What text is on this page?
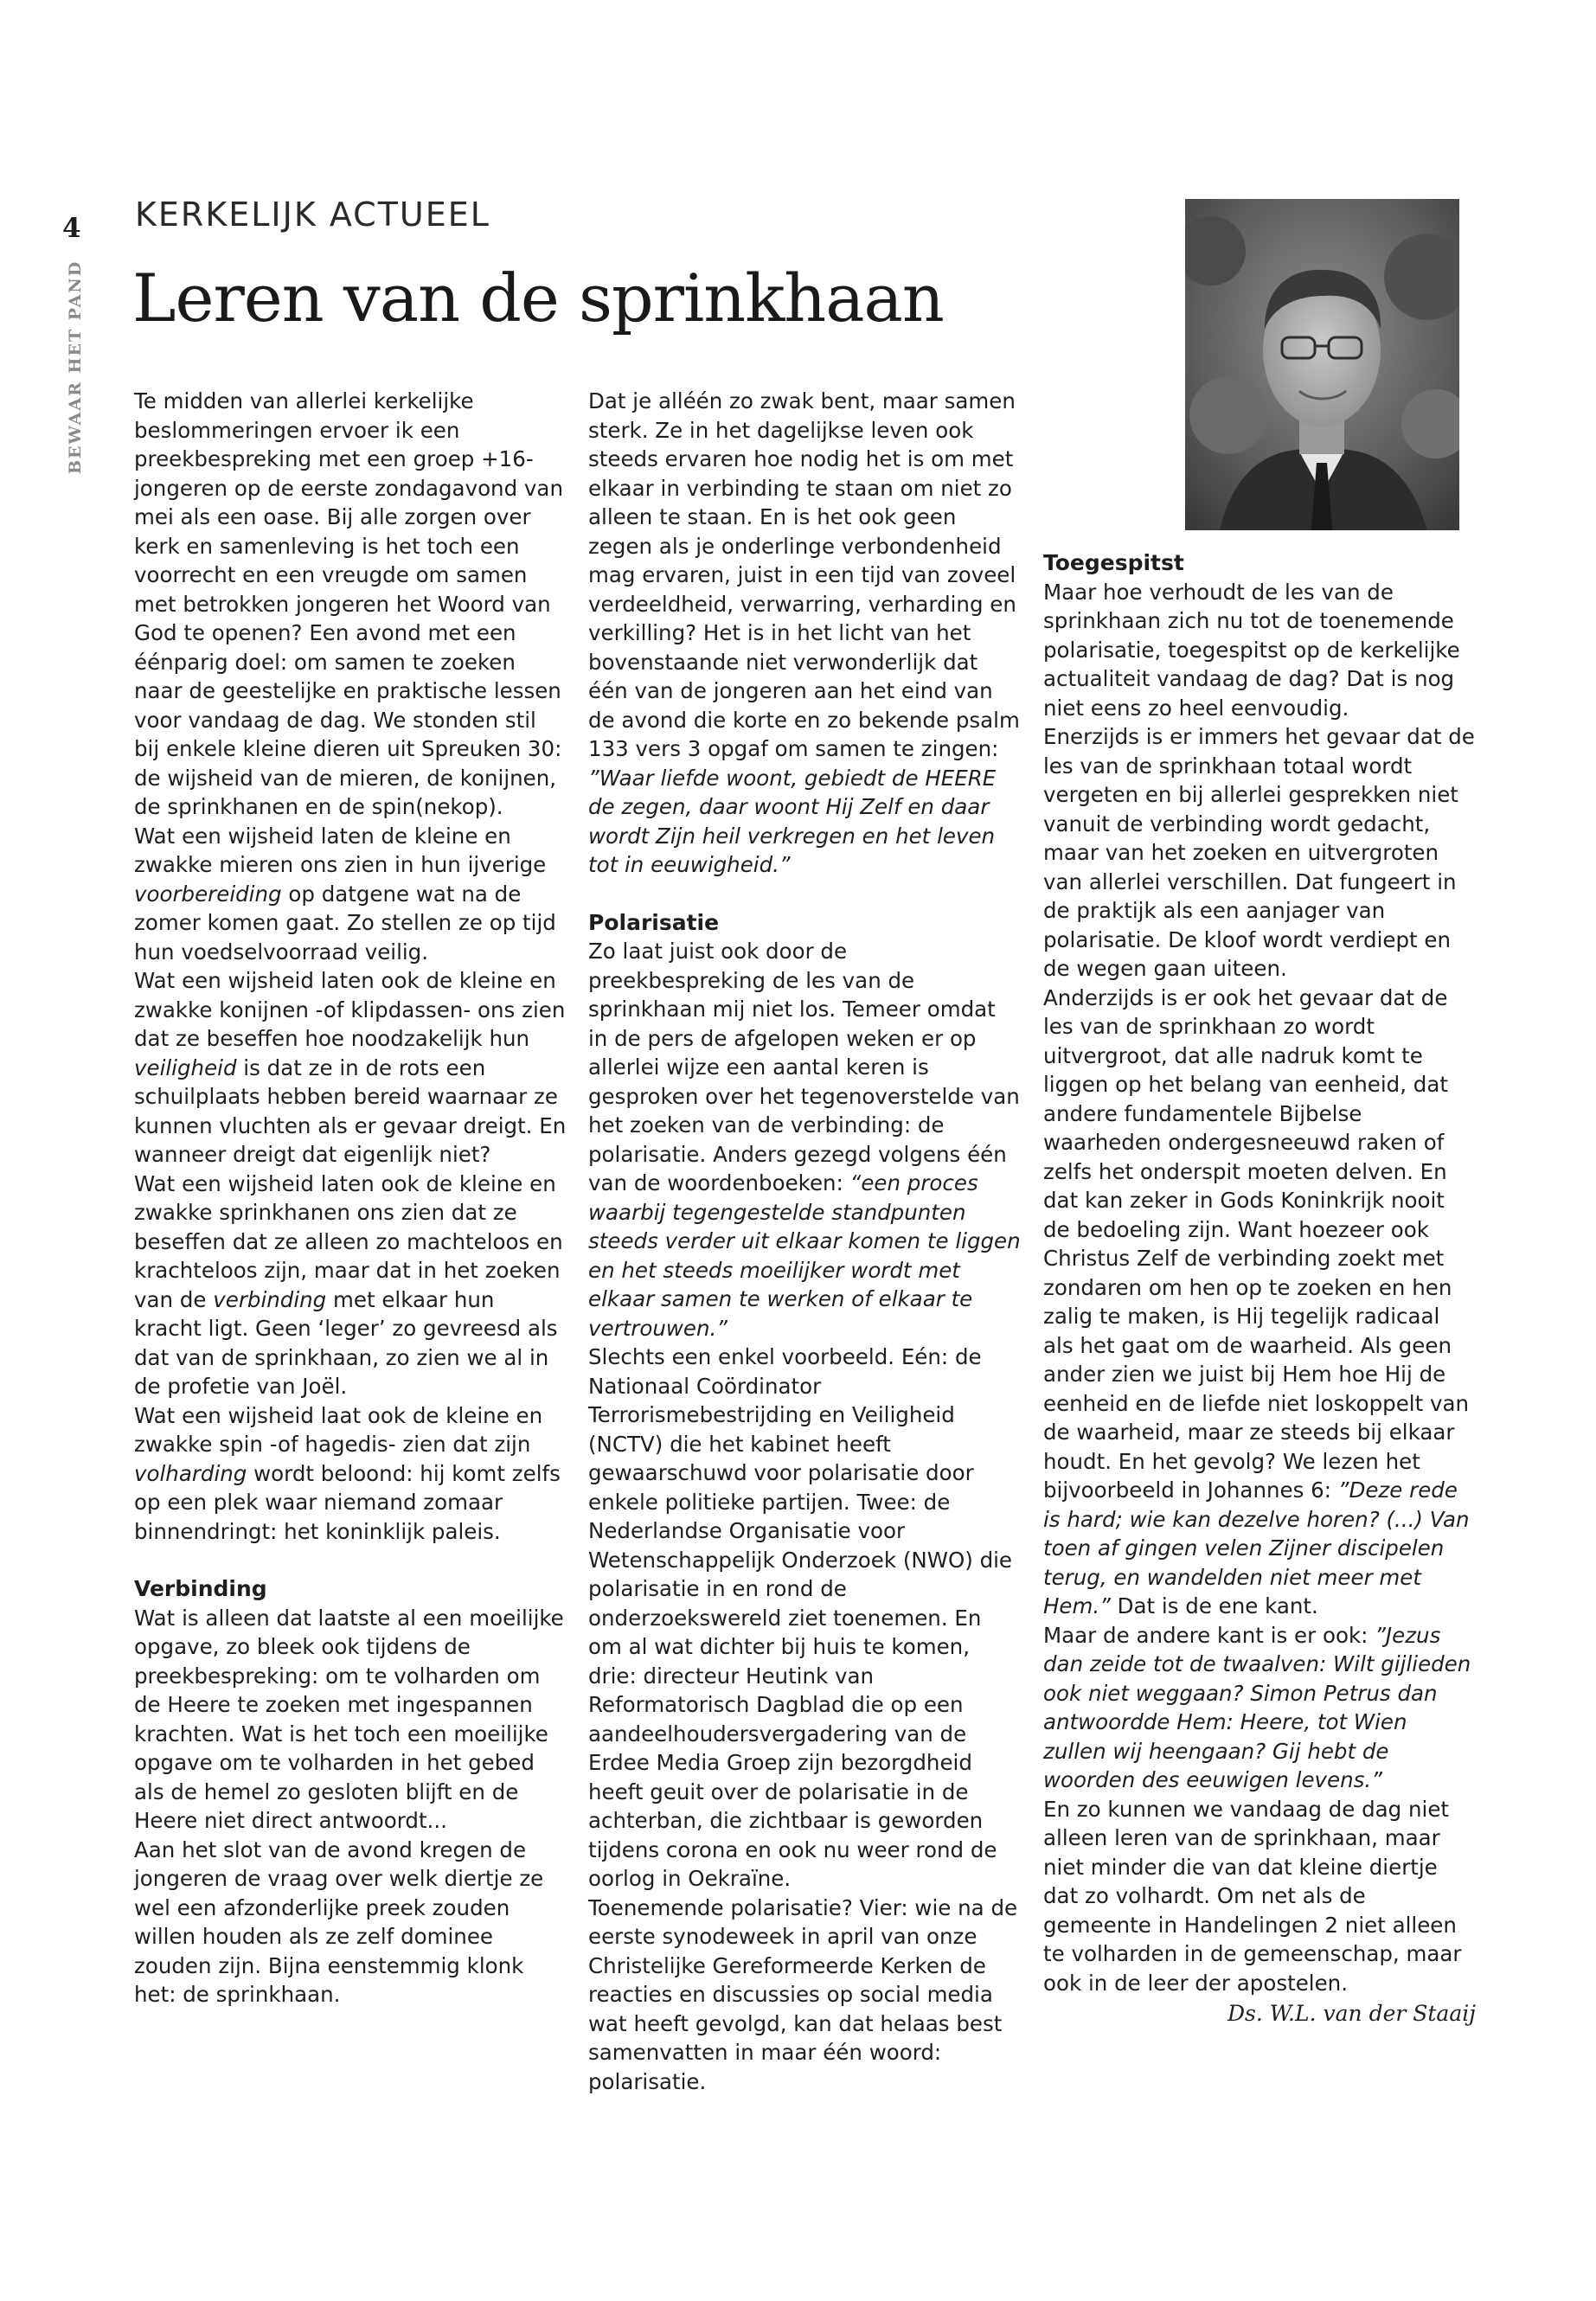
4
BEWAAR HET PAND
KERKELIJK ACTUEEL
Leren van de sprinkhaan

Te midden van allerlei kerkelijke beslommeringen ervoer ik een preekbespreking met een groep +16-jongeren op de eerste zondagavond van mei als een oase. Bij alle zorgen over kerk en samenleving is het toch een voorrecht en een vreugde om samen met betrokken jongeren het Woord van God te openen? Een avond met een éénparig doel: om samen te zoeken naar de geestelijke en praktische lessen voor vandaag de dag. We stonden stil bij enkele kleine dieren uit Spreuken 30: de wijsheid van de mieren, de konijnen, de sprinkhanen en de spin(nekop).

Wat een wijsheid laten de kleine en zwakke mieren ons zien in hun ijverige voorbereiding op datgene wat na de zomer komen gaat. Zo stellen ze op tijd hun voedselvoorraad veilig.

Wat een wijsheid laten ook de kleine en zwakke konijnen -of klipdassen- ons zien dat ze beseffen hoe noodzakelijk hun veiligheid is dat ze in de rots een schuilplaats hebben bereid waarnaar ze kunnen vluchten als er gevaar dreigt. En wanneer dreigt dat eigenlijk niet?

Wat een wijsheid laten ook de kleine en zwakke sprinkhanen ons zien dat ze beseffen dat ze alleen zo machteloos en krachteloos zijn, maar dat in het zoeken van de verbinding met elkaar hun kracht ligt. Geen ‘leger’ zo gevreesd als dat van de sprinkhaan, zo zien we al in de profetie van Joël.

Wat een wijsheid laat ook de kleine en zwakke spin -of hagedis- zien dat zijn volharding wordt beloond: hij komt zelfs op een plek waar niemand zomaar binnendringt: het koninklijk paleis.

Verbinding

Wat is alleen dat laatste al een moeilijke opgave, zo bleek ook tijdens de preekbespreking: om te volharden om de Heere te zoeken met ingespannen krachten. Wat is het toch een moeilijke opgave om te volharden in het gebed als de hemel zo gesloten blijft en de Heere niet direct antwoordt...

Aan het slot van de avond kregen de jongeren de vraag over welk diertje ze wel een afzonderlijke preek zouden willen houden als ze zelf dominee zouden zijn. Bijna eenstemmig klonk het: de sprinkhaan.

Dat je alléén zo zwak bent, maar samen sterk. Ze in het dagelijkse leven ook steeds ervaren hoe nodig het is om met elkaar in verbinding te staan om niet zo alleen te staan. En is het ook geen zegen als je onderlinge verbondenheid mag ervaren, juist in een tijd van zoveel verdeeldheid, verwarring, verharding en verkilling? Het is in het licht van het bovenstaande niet verwonderlijk dat één van de jongeren aan het eind van de avond die korte en zo bekende psalm 133 vers 3 opgaf om samen te zingen: ”Waar liefde woont, gebiedt de HEERE de zegen, daar woont Hij Zelf en daar wordt Zijn heil verkregen en het leven tot in eeuwigheid.”

Polarisatie

Zo laat juist ook door de preekbespreking de les van de sprinkhaan mij niet los. Temeer omdat in de pers de afgelopen weken er op allerlei wijze een aantal keren is gesproken over het tegenoverstelde van het zoeken van de verbinding: de polarisatie. Anders gezegd volgens één van de woordenboeken: “een proces waarbij tegengestelde standpunten steeds verder uit elkaar komen te liggen en het steeds moeilijker wordt met elkaar samen te werken of elkaar te vertrouwen.”

Slechts een enkel voorbeeld. Eén: de Nationaal Coördinator Terrorismebestrijding en Veiligheid (NCTV) die het kabinet heeft gewaarschuwd voor polarisatie door enkele politieke partijen. Twee: de Nederlandse Organisatie voor Wetenschappelijk Onderzoek (NWO) die polarisatie in en rond de onderzoekswereld ziet toenemen. En om al wat dichter bij huis te komen, drie: directeur Heutink van Reformatorisch Dagblad die op een aandeelhoudersvergadering van de Erdee Media Groep zijn bezorgdheid heeft geuit over de polarisatie in de achterban, die zichtbaar is geworden tijdens corona en ook nu weer rond de oorlog in Oekraïne.

Toenemende polarisatie? Vier: wie na de eerste synodeweek in april van onze Christelijke Gereformeerde Kerken de reacties en discussies op social media wat heeft gevolgd, kan dat helaas best samenvatten in maar één woord: polarisatie.

Toegespitst

Maar hoe verhoudt de les van de sprinkhaan zich nu tot de toenemende polarisatie, toegespitst op de kerkelijke actualiteit vandaag de dag? Dat is nog niet eens zo heel eenvoudig.

Enerzijds is er immers het gevaar dat de les van de sprinkhaan totaal wordt vergeten en bij allerlei gesprekken niet vanuit de verbinding wordt gedacht, maar van het zoeken en uitvergroten van allerlei verschillen. Dat fungeert in de praktijk als een aanjager van polarisatie. De kloof wordt verdiept en de wegen gaan uiteen.

Anderzijds is er ook het gevaar dat de les van de sprinkhaan zo wordt uitvergroot, dat alle nadruk komt te liggen op het belang van eenheid, dat andere fundamentele Bijbelse waarheden ondergesneeuwd raken of zelfs het onderspit moeten delven. En dat kan zeker in Gods Koninkrijk nooit de bedoeling zijn. Want hoezeer ook Christus Zelf de verbinding zoekt met zondaren om hen op te zoeken en hen zalig te maken, is Hij tegelijk radicaal als het gaat om de waarheid. Als geen ander zien we juist bij Hem hoe Hij de eenheid en de liefde niet loskoppelt van de waarheid, maar ze steeds bij elkaar houdt. En het gevolg? We lezen het bijvoorbeeld in Johannes 6: ”Deze rede is hard; wie kan dezelve horen? (...) Van toen af gingen velen Zijner discipelen terug, en wandelden niet meer met Hem.” Dat is de ene kant.

Maar de andere kant is er ook: ”Jezus dan zeide tot de twaalven: Wilt gijlieden ook niet weggaan? Simon Petrus dan antwoordde Hem: Heere, tot Wien zullen wij heengaan? Gij hebt de woorden des eeuwigen levens.”

En zo kunnen we vandaag de dag niet alleen leren van de sprinkhaan, maar niet minder die van dat kleine diertje dat zo volhardt. Om net als de gemeente in Handelingen 2 niet alleen te volharden in de gemeenschap, maar ook in de leer der apostelen.

Ds. W.L. van der Staaij
